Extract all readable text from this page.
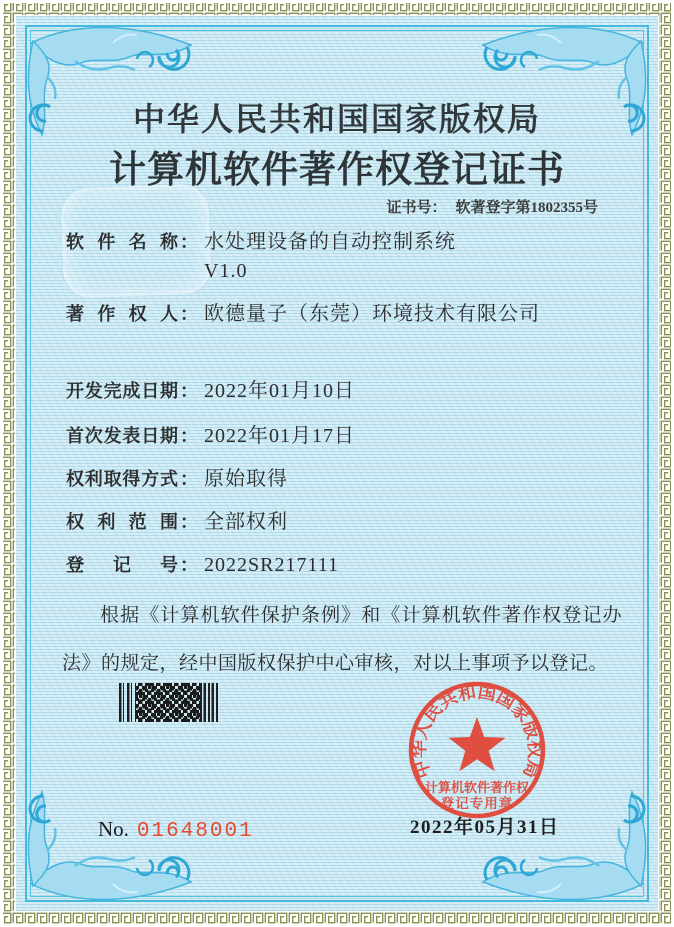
中华人民共和国国家版权局
计算机软件著作权登记证书
证书号： 软著登字第1802355号
软件名称 ： 水处理设备的自动控制系统
V1.0
著作权人 ： 欧德量子（东莞）环境技术有限公司
开发完成日期 ： 2022年01月10日
首次发表日期 ： 2022年01月17日
权利取得方式 ： 原始取得
权利范围 ： 全部权利
登记号 ： 2022SR217111

根据《计算机软件保护条例》和《计算机软件著作权登记办法》的规定，经中国版权保护中心审核，对以上事项予以登记。

中华人民共和国国家版权局
计算机软件著作权
登记专用章
2022年05月31日
No. 01648001
